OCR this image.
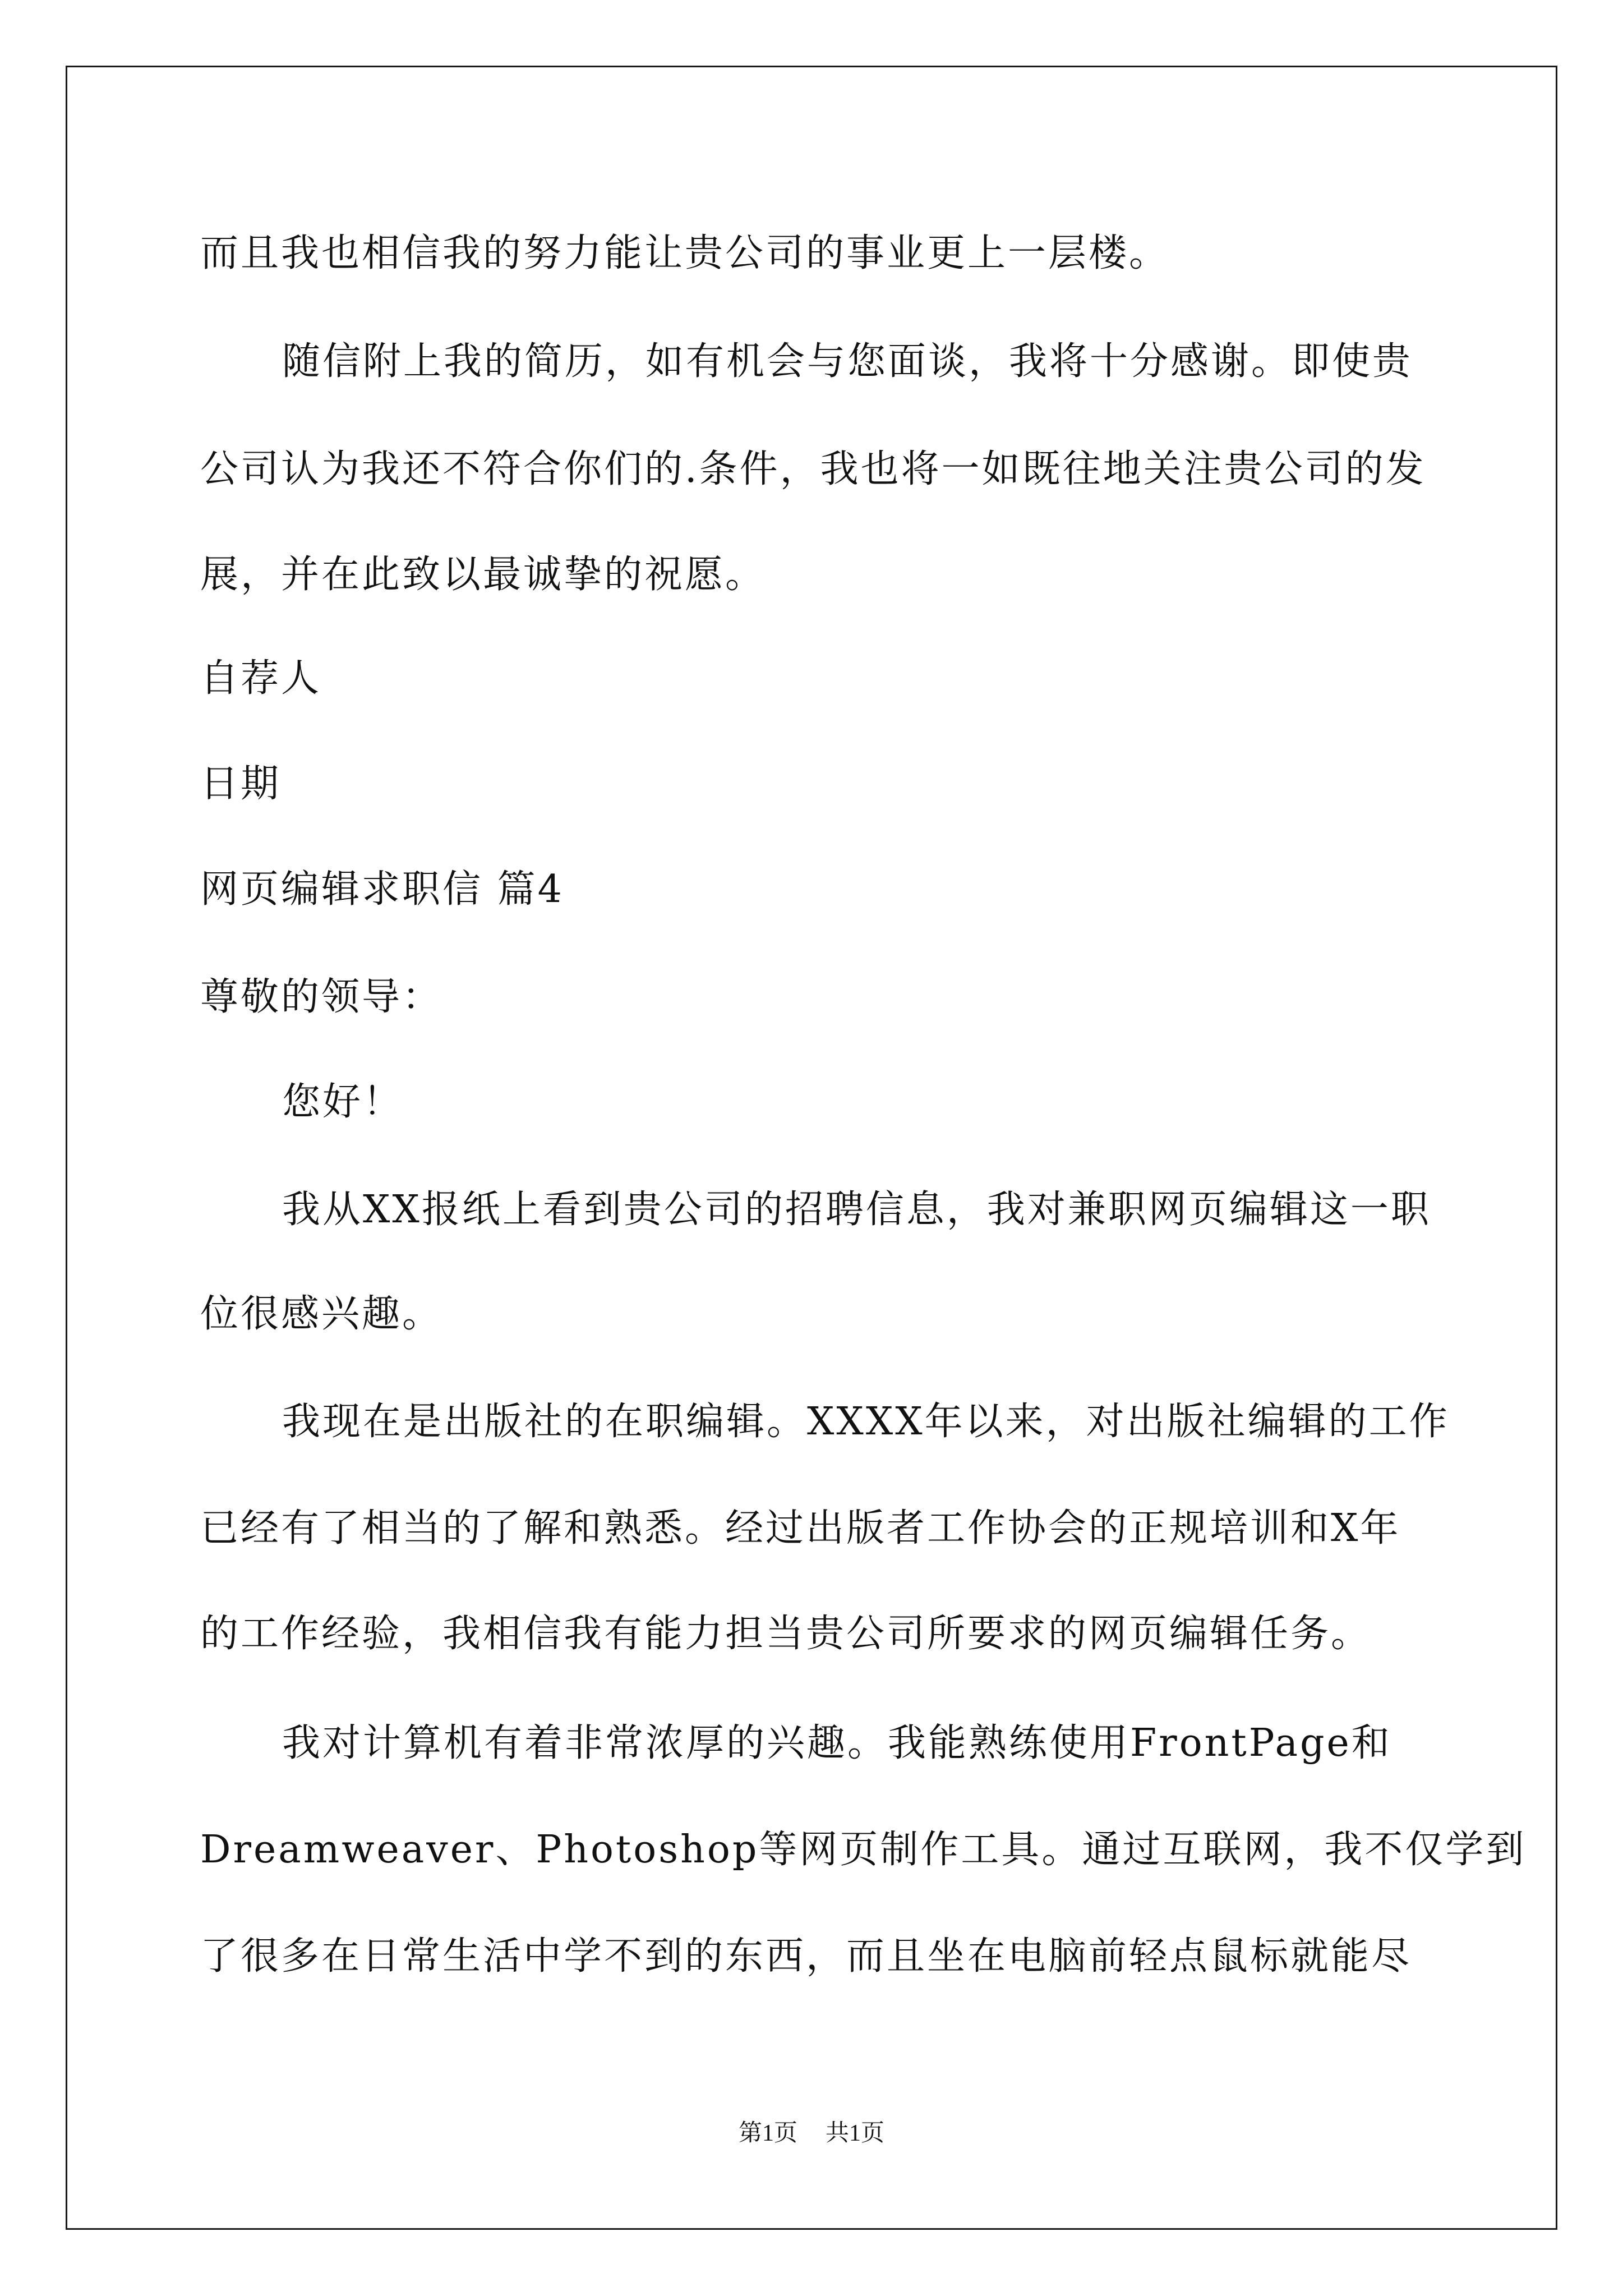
而且我也相信我的努力能让贵公司的事业更上一层楼。
随信附上我的简历，如有机会与您面谈，我将十分感谢。即使贵
公司认为我还不符合你们的.条件，我也将一如既往地关注贵公司的发
展，并在此致以最诚挚的祝愿。
自荐人
日期
网页编辑求职信 篇4
尊敬的领导：
您好！
我从XX报纸上看到贵公司的招聘信息，我对兼职网页编辑这一职
位很感兴趣。
我现在是出版社的在职编辑。XXXX年以来，对出版社编辑的工作
已经有了相当的了解和熟悉。经过出版者工作协会的正规培训和X年
的工作经验，我相信我有能力担当贵公司所要求的网页编辑任务。
我对计算机有着非常浓厚的兴趣。我能熟练使用FrontPage和
Dreamweaver、Photoshop等网页制作工具。通过互联网，我不仅学到
了很多在日常生活中学不到的东西，而且坐在电脑前轻点鼠标就能尽
第1页 共1页
